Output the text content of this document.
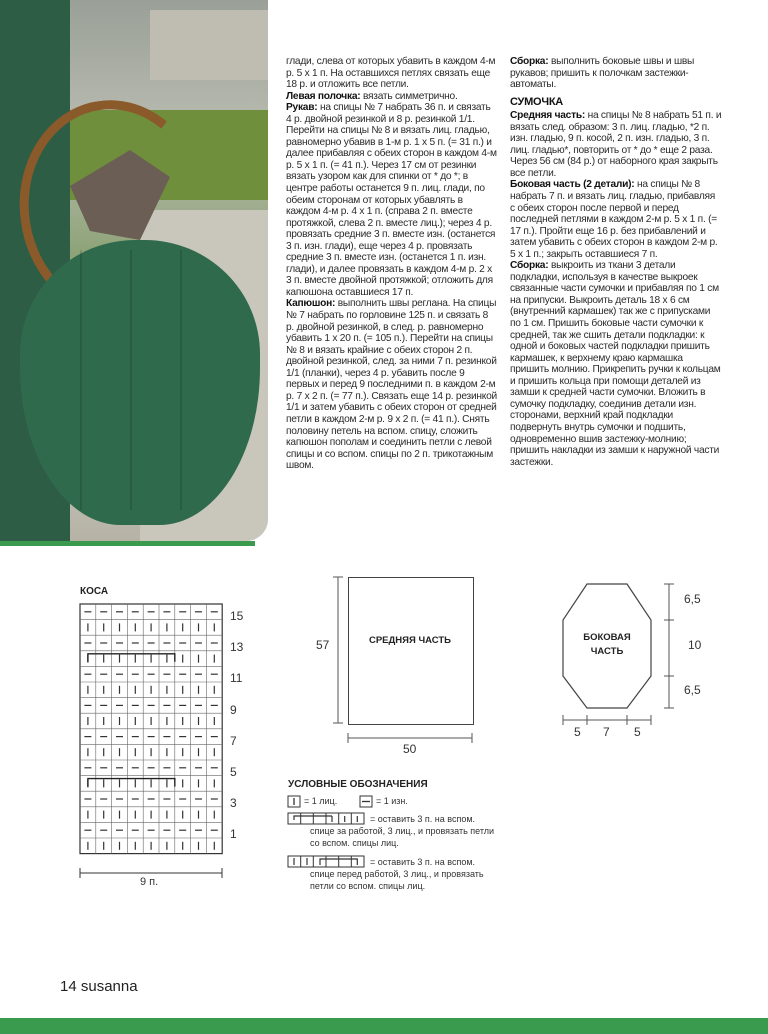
глади, слева от которых убавить в каждом 4-м р. 5 x 1 п. На оставшихся петлях связать еще 18 р. и отложить все петли.

Левая полочка: вязать симметрично.

Рукав: на спицы № 7 набрать 36 п. и связать 4 р. двойной резинкой и 8 р. резинкой 1/1. Перейти на спицы № 8 и вязать лиц. гладью, равномерно убавив в 1-м р. 1 x 5 п. (= 31 п.) и далее прибавляя с обеих сторон в каждом 4-м р. 5 x 1 п. (= 41 п.). Через 17 см от резинки вязать узором как для спинки от * до *; в центре работы останется 9 п. лиц. глади, по обеим сторонам от которых убавлять в каждом 4-м р. 4 x 1 п. (справа 2 п. вместе протяжкой, слева 2 п. вместе лиц.); через 4 р. провязать средние 3 п. вместе изн. (останется 3 п. изн. глади), еще через 4 р. провязать средние 3 п. вместе изн. (останется 1 п. изн. глади), и далее провязать в каждом 4-м р. 2 x 3 п. вместе двойной протяжкой; отложить для капюшона оставшиеся 17 п.

Капюшон: выполнить швы реглана. На спицы № 7 набрать по горловине 125 п. и связать 8 р. двойной резинкой, в след. р. равномерно убавить 1 x 20 п. (= 105 п.). Перейти на спицы № 8 и вязать крайние с обеих сторон 2 п. двойной резинкой, след. за ними 7 п. резинкой 1/1 (планки), через 4 р. убавить после 9 первых и перед 9 последними п. в каждом 2-м р. 7 x 2 п. (= 77 п.). Связать еще 14 р. резинкой 1/1 и затем убавить с обеих сторон от средней петли в каждом 2-м р. 9 x 2 п. (= 41 п.). Снять половину петель на вспом. спицу, сложить капюшон пополам и соединить петли с левой спицы и со вспом. спицы по 2 п. трикотажным швом.

Сборка: выполнить боковые швы и швы рукавов; пришить к полочкам застежки-автоматы.

СУМОЧКА

Средняя часть: на спицы № 8 набрать 51 п. и вязать след. образом: 3 п. лиц. гладью, *2 п. изн. гладью, 9 п. косой, 2 п. изн. гладью, 3 п. лиц. гладью*, повторить от * до * еще 2 раза. Через 56 см (84 р.) от наборного края закрыть все петли.

Боковая часть (2 детали): на спицы № 8 набрать 7 п. и вязать лиц. гладью, прибавляя с обеих сторон после первой и перед последней петлями в каждом 2-м р. 5 x 1 п. (= 17 п.). Пройти еще 16 р. без прибавлений и затем убавить с обеих сторон в каждом 2-м р. 5 x 1 п.; закрыть оставшиеся 7 п.

Сборка: выкроить из ткани 3 детали подкладки, используя в качестве выкроек связанные части сумочки и прибавляя по 1 см на припуски. Выкроить деталь 18 x 6 см (внутренний кармашек) так же с припусками по 1 см. Пришить боковые части сумочки к средней, так же сшить детали подкладки: к одной и боковых частей подкладки пришить кармашек, к верхнему краю кармашка пришить молнию. Прикрепить ручки к кольцам и пришить кольца при помощи деталей из замши к средней части сумочки. Вложить в сумочку подкладку, соединив детали изн. сторонами, верхний край подкладки подвернуть внутрь сумочки и подшить, одновременно вшив застежку-молнию; пришить накладки из замши к наружной части застежки.

КОСА
15
13
11
9
7
5
3
1
9 п.
СРЕДНЯЯ ЧАСТЬ
57
50
БОКОВАЯ
ЧАСТЬ
6,5
10
6,5
5 7 5
УСЛОВНЫЕ ОБОЗНАЧЕНИЯ
= 1 лиц.	= 1 изн.
= оставить 3 п. на вспом.
спице за работой, 3 лиц., и провязать петли
со вспом. спицы лиц.
= оставить 3 п. на вспом.
спице перед работой, 3 лиц., и провязать
петли со вспом. спицы лиц.
14 susanna
